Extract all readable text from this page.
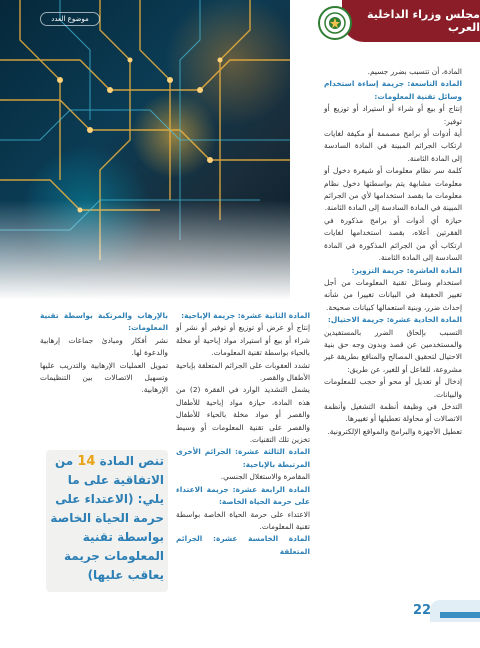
موضوع العدد	مجلس وزراء الداخلية العرب
المادة، أن تتسبب بضرر جسيم.
المادة التاسعة: جريمة إساءة استخدام وسائل تقنية المعلومات:
إنتاج أو بيع أو شراء أو استيراد أو توزيع أو توفير:
أية أدوات أو برامج مصممة أو مكيفة لغايات ارتكاب الجرائم المبينة في المادة السادسة إلى المادة الثامنة.
كلمة سر نظام معلومات أو شيفرة دخول أو معلومات مشابهة يتم بواسطتها دخول نظام معلومات ما بقصد استخدامها لأي من الجرائم المبينة في المادة السادسة إلى المادة الثامنة.
حيازة أي أدوات أو برامج مذكورة في الفقرتين أعلاه، بقصد استخدامها لغايات ارتكاب أي من الجرائم المذكورة في المادة السادسة إلى المادة الثامنة.
المادة العاشرة: جريمة التزوير:
استخدام وسائل تقنية المعلومات من أجل تغيير الحقيقة في البيانات تغييرا من شأنه إحداث ضرر، وبنية استعمالها كبيانات صحيحة.
المادة الحادية عشرة: جريمة الاحتيال:
التسبب بإلحاق الضرر بالمستفيدين والمستخدمين عن قصد وبدون وجه حق بنية الاحتيال لتحقيق المصالح والمنافع بطريقة غير مشروعة، للفاعل أو للغير، عن طريق:
إدخال أو تعديل أو محو أو حجب للمعلومات والبيانات.
التدخل في وظيفة أنظمة التشغيل وأنظمة الاتصالات أو محاولة تعطيلها أو تغييرها.
تعطيل الأجهزة والبرامج والمواقع الإلكترونية.
المادة الثانية عشرة: جريمة الإباحية:
إنتاج أو عرض أو توزيع أو توفير أو نشر أو شراء أو بيع أو استيراد مواد إباحية أو مخلة بالحياء بواسطة تقنية المعلومات.
تشدد العقوبات على الجرائم المتعلقة بإباحية الأطفال والقصر.
يشمل التشديد الوارد في الفقرة (2) من هذه المادة، حيازة مواد إباحية للأطفال والقصر أو مواد مخلة بالحياء للأطفال والقصر على تقنية المعلومات أو وسيط تخزين تلك التقنيات.
المادة الثالثة عشرة: الجرائم الأخرى المرتبطة بالإباحية:
المقامرة والاستغلال الجنسي.
المادة الرابعة عشرة: جريمة الاعتداء على حرمة الحياة الخاصة:
الاعتداء على حرمة الحياة الخاصة بواسطة تقنية المعلومات.
المادة الخامسة عشرة: الجرائم المتعلقة
بالإرهاب والمرتكبة بواسطة تقنية المعلومات:
نشر أفكار ومبادئ جماعات إرهابية والدعوة لها.
تمويل العمليات الإرهابية والتدريب عليها وتسهيل الاتصالات بين التنظيمات الإرهابية.
تنص المادة 14 من الاتفاقية على ما يلي: (الاعتداء على حرمة الحياة الخاصة بواسطة تقنية المعلومات جريمة يعاقب عليها)
22
